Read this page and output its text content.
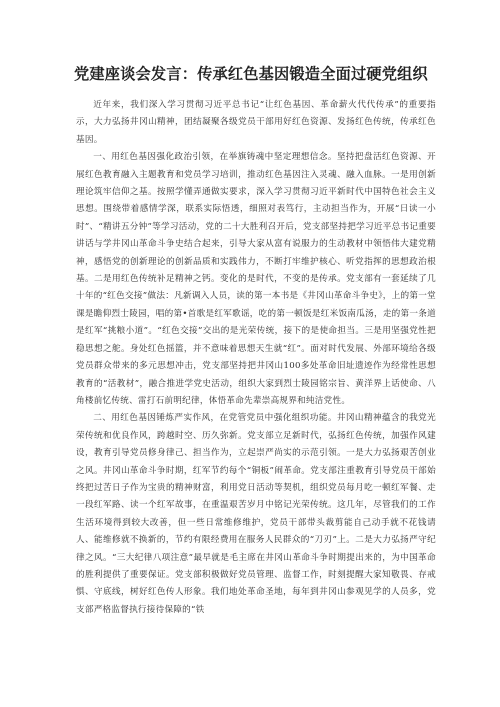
党建座谈会发言：传承红色基因锻造全面过硬党组织

近年来，我们深入学习贯彻习近平总书记“让红色基因、革命薪火代代传承”的重要指示，大力弘扬井冈山精神，团结凝聚各级党员干部用好红色资源、发扬红色传统，传承红色基因。

一、用红色基因强化政治引领，在举旗铸魂中坚定理想信念。坚持把盘活红色资源、开展红色教育融入主题教育和党员学习培训，推动红色基因注入灵魂、融入血脉。一是用创新理论筑牢信仰之基。按照学懂弄通做实要求，深入学习贯彻习近平新时代中国特色社会主义思想。围绕带着感情学深，联系实际悟透，细照对表笃行，主动担当作为，开展“日读一小时”、“精讲五分钟”等学习活动，党的二十大胜利召开后，党支部坚持把学习近平总书记重要讲话与学井冈山革命斗争史结合起来，引导大家从富有说服力的生动教材中领悟伟大建党精神，感悟党的创新理论的创新品质和实践伟力，不断打牢维护核心、听党指挥的思想政治根基。二是用红色传统补足精神之钙。变化的是时代，不变的是传承。党支部有一套延续了几十年的“红色交接”做法：凡新调入人员，读的第一本书是《井冈山革命斗争史》，上的第一堂课是瞻仰烈士陵园，唱的第•首歌是红军歌谣，吃的第一顿饭是红米饭南瓜汤，走的第一条道是红军“挑粮小道”。“红色交接”交出的是光荣传统，接下的是使命担当。三是用坚强党性把稳思想之舵。身处红色摇篮，并不意味着思想天生就“红”。面对时代发展、外部环境给各级党员群众带来的多元思想冲击，党支部坚持把井冈山100多处革命旧址遗迹作为经常性思想教育的“活教材”，融合推进学党史活动，组织大家到烈士陵园铭宗旨、黄洋界上话使命、八角楼前忆传统、雷打石前明纪律，体悟革命先辈崇高规界和纯洁党性。

二、用红色基因锤炼严实作风，在党管党员中强化组织功能。井冈山精神蕴含的我党光荣传统和优良作风，跨越时空、历久弥新。党支部立足新时代，弘扬红色传统，加强作风建设，教育引导党员修身律己、担当作为，立起崇严尚实的示范引领。一是大力弘扬艰苦创业之风。井冈山革命斗争时期，红军节约每个“铜板”闹革命。党支部注重教育引导党员干部始终把过苦日子作为宝贵的精神财富，利用党日活动等契机，组织党员每月吃一顿红军餐、走一段红军路、读一个红军故事，在重温艰苦岁月中铭记光荣传统。这几年，尽管我们的工作生活环境得到较大改善，但一些日常维修维护，党员干部带头裁剪能自己动手就不花钱请人、能维修就不换新的，节约有限经费用在服务人民群众的“刀刃”上。二是大力弘扬严守纪律之风。“三大纪律八项注意”最早就是毛主席在井冈山革命斗争时期提出来的，为中国革命的胜利提供了重要保证。党支部积极做好党员管理、监督工作，时刻提醒大家知敬畏、存戒惧、守底线，树好红色传人形象。我们地处革命圣地，每年到井冈山参观见学的人员多，党支部严格监督执行接待保障的“铁
